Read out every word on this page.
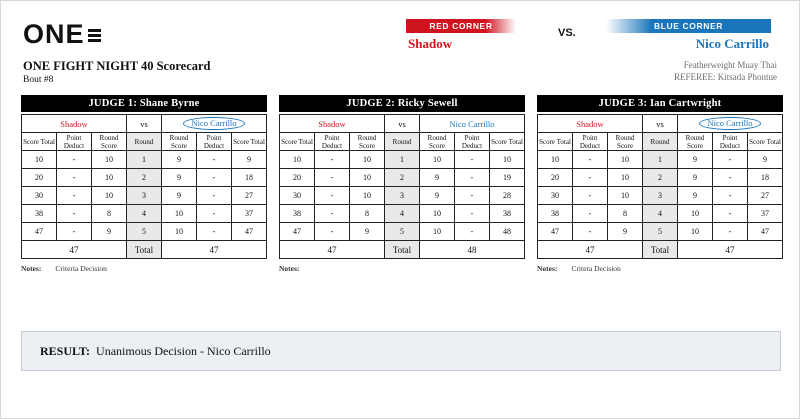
ONE
ONE FIGHT NIGHT 40 Scorecard
Bout #8
RED CORNER
Shadow
VS.
BLUE CORNER
Nico Carrillo
Featherweight Muay Thai
REFEREE: Kitsada Phontue
JUDGE 1: Shane Byrne
Shadow			vs	Nico Carrillo		
Score Total	Point Deduct	Round Score	Round	Round Score	Point Deduct	Score Total
10	-	10	1	9	-	9
20	-	10	2	9	-	18
30	-	10	3	9	-	27
38	-	8	4	10	-	37
47	-	9	5	10	-	47
47			Total	47		
Notes: Criteria Decision
JUDGE 2: Ricky Sewell
Shadow			vs	Nico Carrillo		
Score Total	Point Deduct	Round Score	Round	Round Score	Point Deduct	Score Total
10	-	10	1	10	-	10
20	-	10	2	9	-	19
30	-	10	3	9	-	28
38	-	8	4	10	-	38
47	-	9	5	10	-	48
47			Total	48		
Notes:
JUDGE 3: Ian Cartwright
Shadow			vs	Nico Carrillo		
Score Total	Point Deduct	Round Score	Round	Round Score	Point Deduct	Score Total
10	-	10	1	9	-	9
20	-	10	2	9	-	18
30	-	10	3	9	-	27
38	-	8	4	10	-	37
47	-	9	5	10	-	47
47			Total	47		
Notes: Critera Decision
RESULT: Unanimous Decision - Nico Carrillo
